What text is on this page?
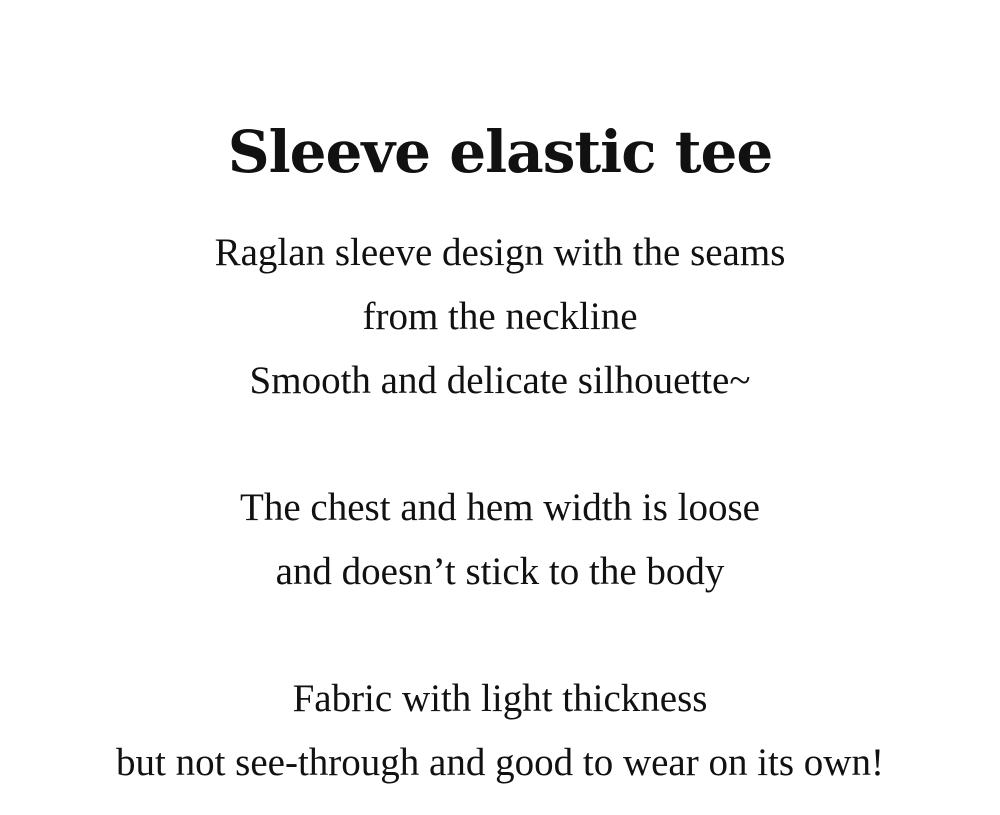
Sleeve elastic tee

Raglan sleeve design with the seams
from the neckline
Smooth and delicate silhouette~

The chest and hem width is loose
and doesn’t stick to the body

Fabric with light thickness
but not see-through and good to wear on its own!
